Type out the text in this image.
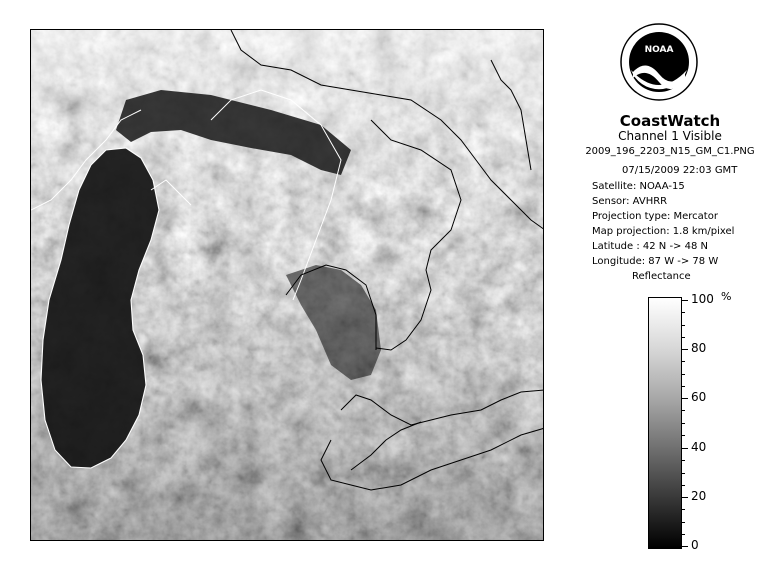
NOAA
CoastWatch
Channel 1 Visible
2009_196_2203_N15_GM_C1.PNG
07/15/2009 22:03 GMT
Satellite: NOAA-15
Sensor: AVHRR
Projection type: Mercator
Map projection: 1.8 km/pixel
Latitude : 42 N -> 48 N
Longitude: 87 W -> 78 W
Reflectance
%
100
80
60
40
20
0
